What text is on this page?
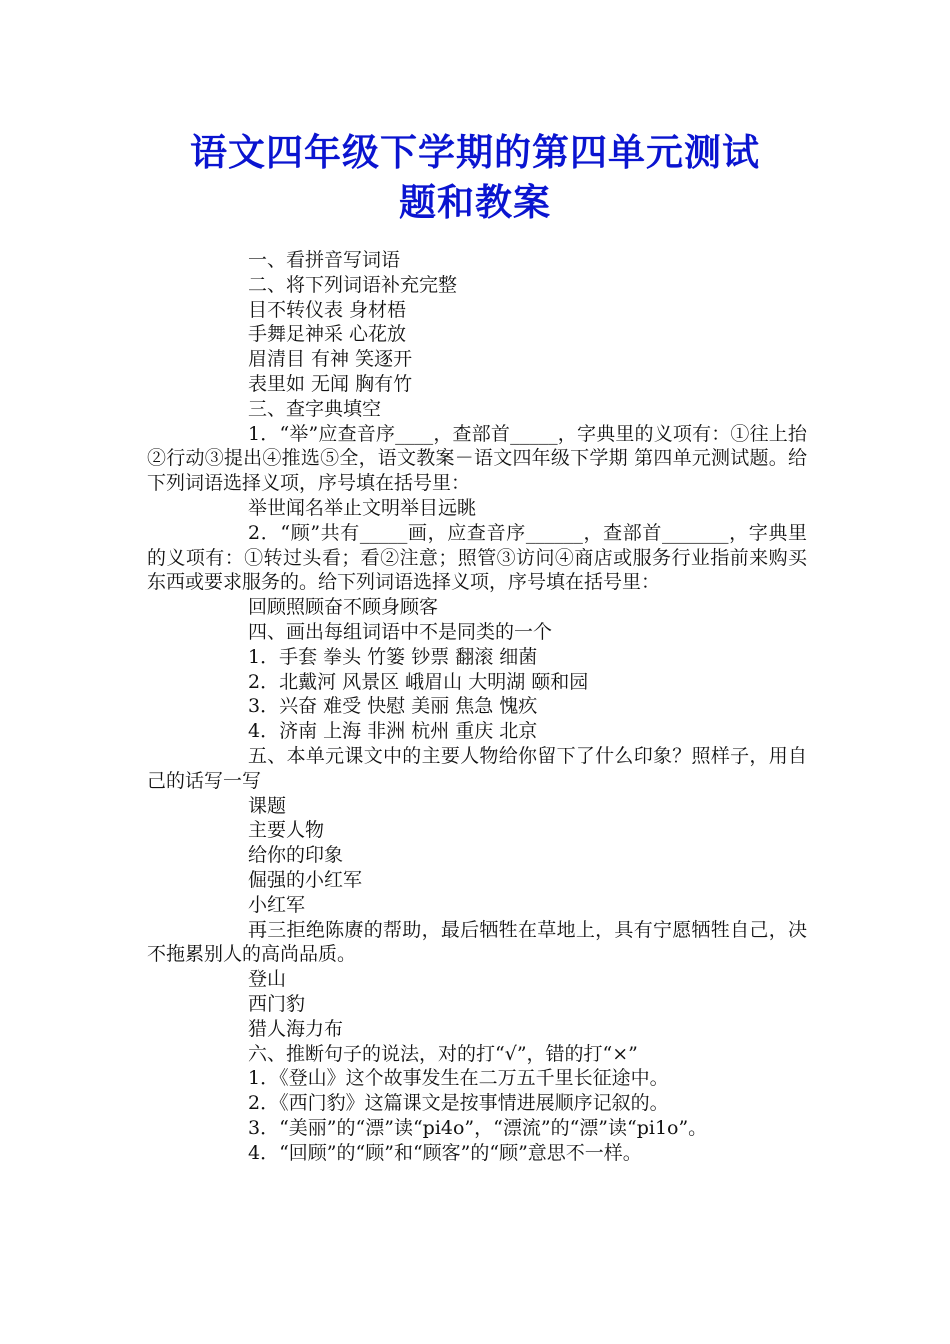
语文四年级下学期的第四单元测试
题和教案
一、看拼音写词语
二、将下列词语补充完整
目不转仪表 身材梧
手舞足神采 心花放
眉清目 有神 笑逐开
表里如 无闻 胸有竹
三、查字典填空
1．“举”应查音序____，查部首_____，字典里的义项有：①往上抬②行动③提出④推选⑤全，语文教案－语文四年级下学期 第四单元测试题。给下列词语选择义项，序号填在括号里：
举世闻名举止文明举目远眺
2．“顾”共有_____画，应查音序______，查部首_______，字典里的义项有：①转过头看；看②注意；照管③访问④商店或服务行业指前来购买东西或要求服务的。给下列词语选择义项，序号填在括号里：
回顾照顾奋不顾身顾客
四、画出每组词语中不是同类的一个
1．手套 拳头 竹篓 钞票 翻滚 细菌
2．北戴河 风景区 峨眉山 大明湖 颐和园
3．兴奋 难受 快慰 美丽 焦急 愧疚
4．济南 上海 非洲 杭州 重庆 北京
五、本单元课文中的主要人物给你留下了什么印象？照样子，用自己的话写一写
课题
主要人物
给你的印象
倔强的小红军
小红军
再三拒绝陈赓的帮助，最后牺牲在草地上，具有宁愿牺牲自己，决不拖累别人的高尚品质。
登山
西门豹
猎人海力布
六、推断句子的说法，对的打“√”，错的打“×”
1．《登山》这个故事发生在二万五千里长征途中。
2．《西门豹》这篇课文是按事情进展顺序记叙的。
3．“美丽”的“漂”读“pi4o”，“漂流”的“漂”读“pi1o”。
4．“回顾”的“顾”和“顾客”的“顾”意思不一样。
